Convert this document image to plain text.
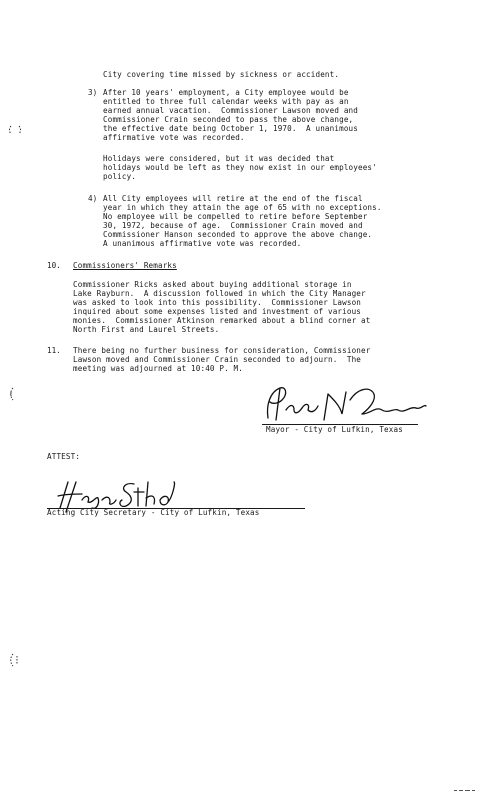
City covering time missed by sickness or accident.
3) After 10 years' employment, a City employee would be
entitled to three full calendar weeks with pay as an
earned annual vacation.  Commissioner Lawson moved and
Commissioner Crain seconded to pass the above change,
the effective date being October 1, 1970.  A unanimous
affirmative vote was recorded.
Holidays were considered, but it was decided that
holidays would be left as they now exist in our employees'
policy.
4) All City employees will retire at the end of the fiscal
year in which they attain the age of 65 with no exceptions.
No employee will be compelled to retire before September
30, 1972, because of age.  Commissioner Crain moved and
Commissioner Hanson seconded to approve the above change.
A unanimous affirmative vote was recorded.
10. Commissioners' Remarks
Commissioner Ricks asked about buying additional storage in
Lake Rayburn.  A discussion followed in which the City Manager
was asked to look into this possibility.  Commissioner Lawson
inquired about some expenses listed and investment of various
monies.  Commissioner Atkinson remarked about a blind corner at
North First and Laurel Streets.
11. There being no further business for consideration, Commissioner
Lawson moved and Commissioner Crain seconded to adjourn.  The
meeting was adjourned at 10:40 P. M.
Mayor - City of Lufkin, Texas
ATTEST:
Acting City Secretary - City of Lufkin, Texas
